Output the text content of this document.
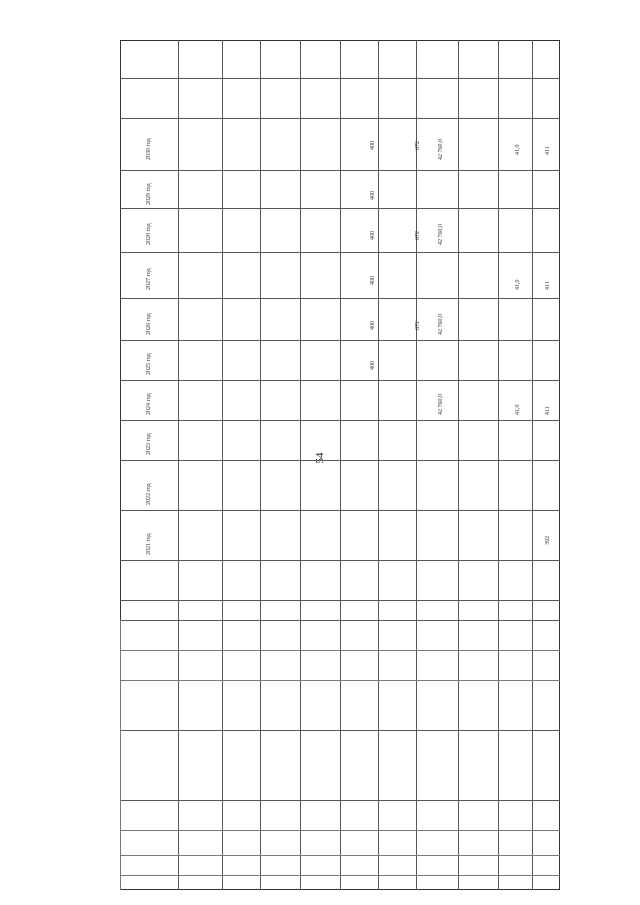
54
2030 год
2029 год
2028 год
2027 год
2026 год
2025 год
2024 год
2023 год
2022 год
2021 год
400
400
400
400
400
400
672
672
672
42 760,0
42 760,0
42 760,0
42 760,0
41,0
41,0
41,0
411
411
411
392
